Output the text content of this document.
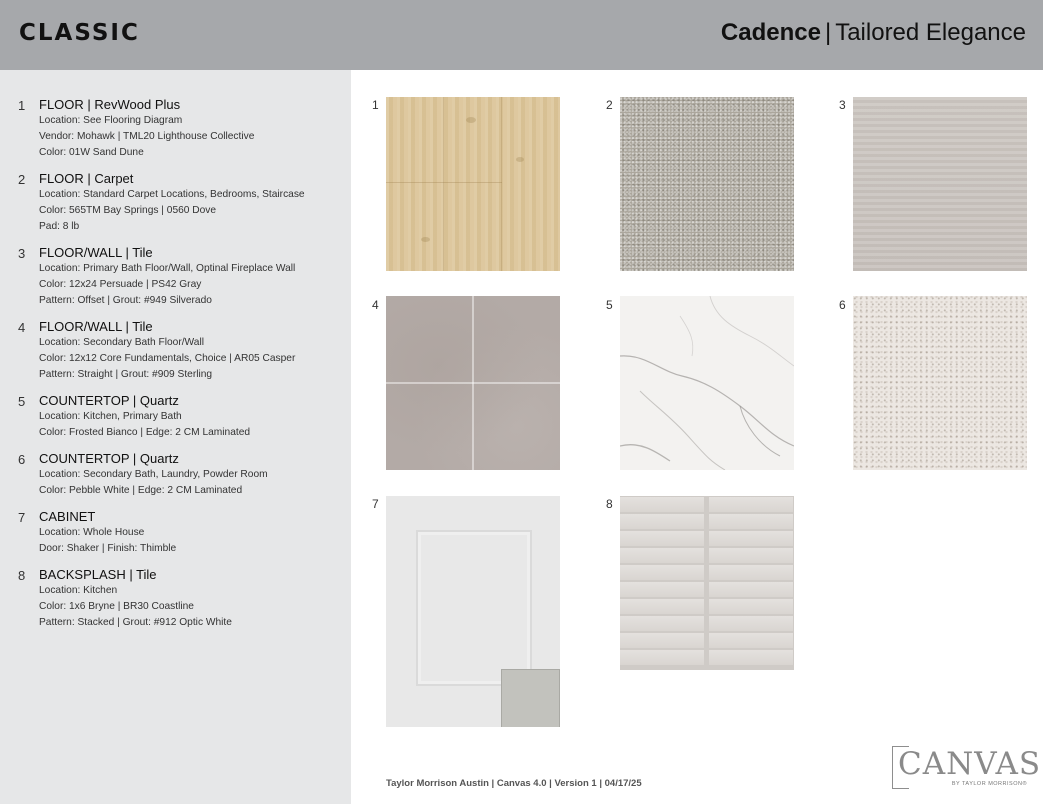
CLASSIC	Cadence | Tailored Elegance
1 FLOOR | RevWood Plus
Location: See Flooring Diagram
Vendor: Mohawk | TML20 Lighthouse Collective
Color: 01W Sand Dune
2 FLOOR | Carpet
Location: Standard Carpet Locations, Bedrooms, Staircase
Color: 565TM Bay Springs | 0560 Dove
Pad: 8 lb
3 FLOOR/WALL | Tile
Location: Primary Bath Floor/Wall, Optinal Fireplace Wall
Color: 12x24 Persuade | PS42 Gray
Pattern: Offset | Grout: #949 Silverado
4 FLOOR/WALL | Tile
Location: Secondary Bath Floor/Wall
Color: 12x12 Core Fundamentals, Choice | AR05 Casper
Pattern: Straight | Grout: #909 Sterling
5 COUNTERTOP | Quartz
Location: Kitchen, Primary Bath
Color: Frosted Bianco | Edge: 2 CM Laminated
6 COUNTERTOP | Quartz
Location: Secondary Bath, Laundry, Powder Room
Color: Pebble White | Edge: 2 CM Laminated
7 CABINET
Location: Whole House
Door: Shaker | Finish: Thimble
8 BACKSPLASH | Tile
Location: Kitchen
Color: 1x6 Bryne | BR30 Coastline
Pattern: Stacked | Grout: #912 Optic White
1	2	3
4	5	6
7	8
Taylor Morrison Austin | Canvas 4.0 | Version 1 | 04/17/25
CANVAS
BY TAYLOR MORRISON®
